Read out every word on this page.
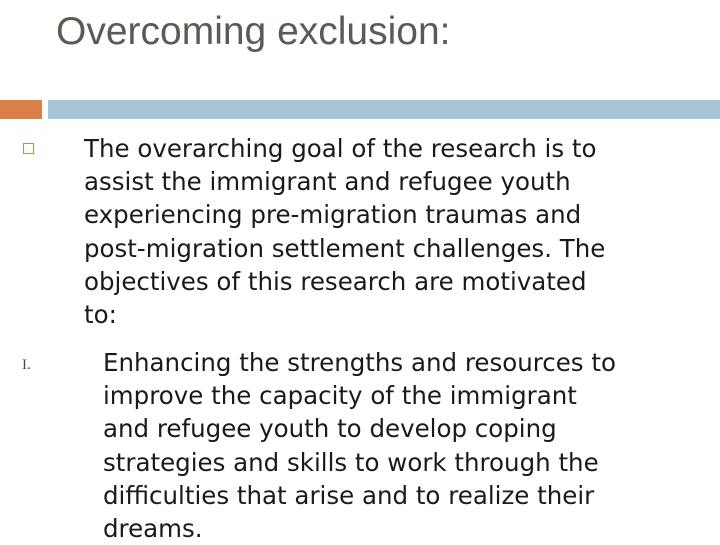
Overcoming exclusion:
The overarching goal of the research is to
assist the immigrant and refugee youth
experiencing pre-migration traumas and
post-migration settlement challenges. The
objectives of this research are motivated
to:
I.	Enhancing the strengths and resources to
improve the capacity of the immigrant
and refugee youth to develop coping
strategies and skills to work through the
difficulties that arise and to realize their
dreams.
